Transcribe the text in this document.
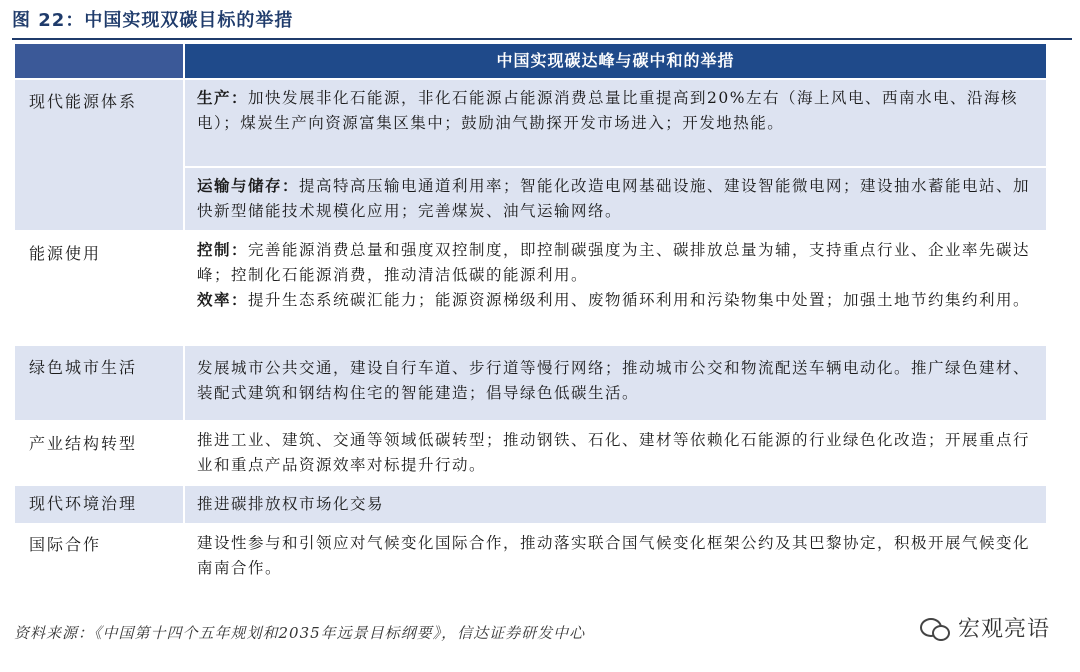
图 22：中国实现双碳目标的举措
中国实现碳达峰与碳中和的举措
现代能源体系	生产：加快发展非化石能源，非化石能源占能源消费总量比重提高到20%左右（海上风电、西南水电、沿海核电）；煤炭生产向资源富集区集中；鼓励油气勘探开发市场进入；开发地热能。
运输与储存：提高特高压输电通道利用率；智能化改造电网基础设施、建设智能微电网；建设抽水蓄能电站、加快新型储能技术规模化应用；完善煤炭、油气运输网络。
能源使用	控制：完善能源消费总量和强度双控制度，即控制碳强度为主、碳排放总量为辅，支持重点行业、企业率先碳达峰；控制化石能源消费，推动清洁低碳的能源利用。
效率：提升生态系统碳汇能力；能源资源梯级利用、废物循环利用和污染物集中处置；加强土地节约集约利用。
绿色城市生活	发展城市公共交通，建设自行车道、步行道等慢行网络；推动城市公交和物流配送车辆电动化。推广绿色建材、装配式建筑和钢结构住宅的智能建造；倡导绿色低碳生活。
产业结构转型	推进工业、建筑、交通等领域低碳转型；推动钢铁、石化、建材等依赖化石能源的行业绿色化改造；开展重点行业和重点产品资源效率对标提升行动。
现代环境治理	推进碳排放权市场化交易
国际合作	建设性参与和引领应对气候变化国际合作，推动落实联合国气候变化框架公约及其巴黎协定，积极开展气候变化南南合作。
资料来源：《中国第十四个五年规划和2035年远景目标纲要》，信达证券研发中心	宏观亮语
